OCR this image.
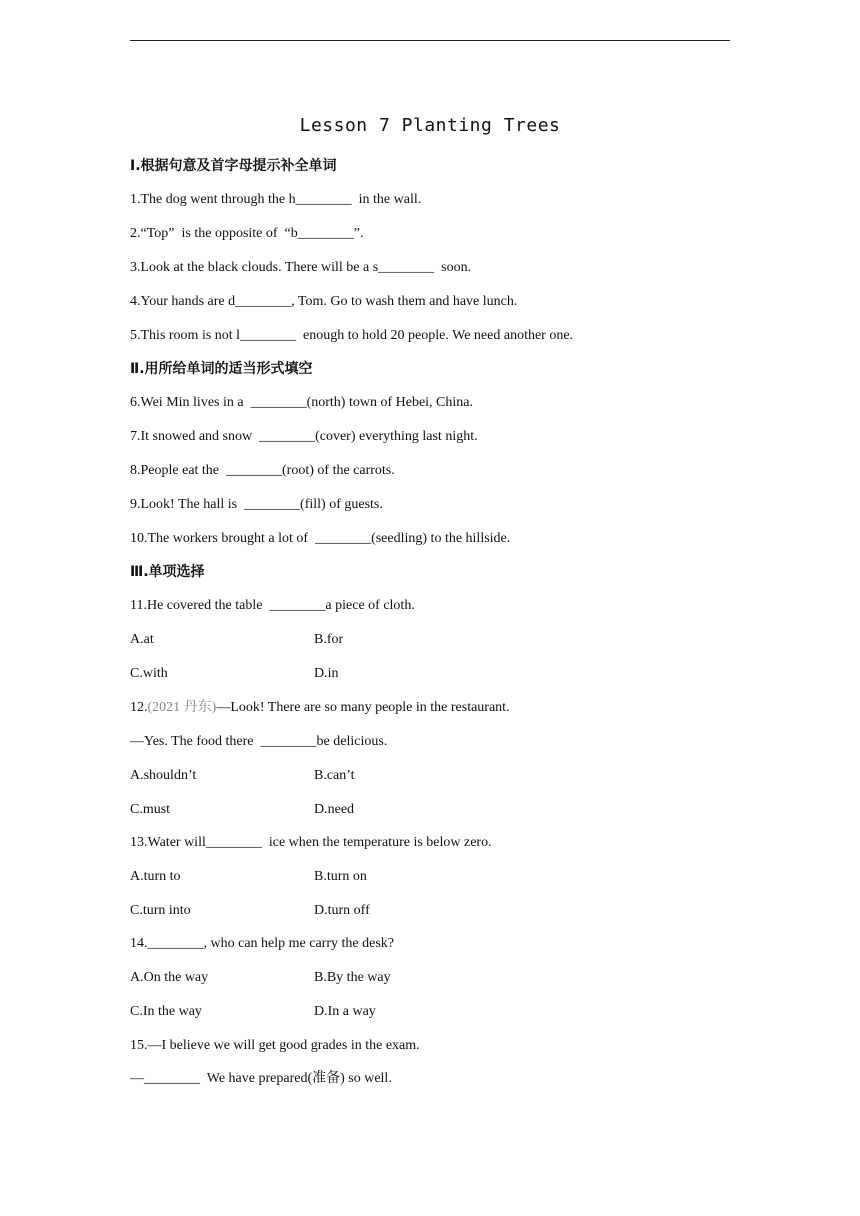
Lesson 7 Planting Trees
Ⅰ.根据句意及首字母提示补全单词
1.The dog went through the h________  in the wall.
2.“Top”  is the opposite of  “b________”.
3.Look at the black clouds. There will be a s________  soon.
4.Your hands are d________, Tom. Go to wash them and have lunch.
5.This room is not l________  enough to hold 20 people. We need another one.
Ⅱ.用所给单词的适当形式填空
6.Wei Min lives in a  ________(north) town of Hebei, China.
7.It snowed and snow  ________(cover) everything last night.
8.People eat the  ________(root) of the carrots.
9.Look! The hall is  ________(fill) of guests.
10.The workers brought a lot of  ________(seedling) to the hillside.
Ⅲ.单项选择
11.He covered the table  ________a piece of cloth.
A.at	B.for
C.with	D.in
12.(2021 丹东)—Look! There are so many people in the restaurant.
—Yes. The food there  ________be delicious.
A.shouldn’t	B.can’t
C.must	D.need
13.Water will________  ice when the temperature is below zero.
A.turn to	B.turn on
C.turn into	D.turn off
14.________, who can help me carry the desk?
A.On the way	B.By the way
C.In the way	D.In a way
15.—I believe we will get good grades in the exam.
—________  We have prepared(准备) so well.
